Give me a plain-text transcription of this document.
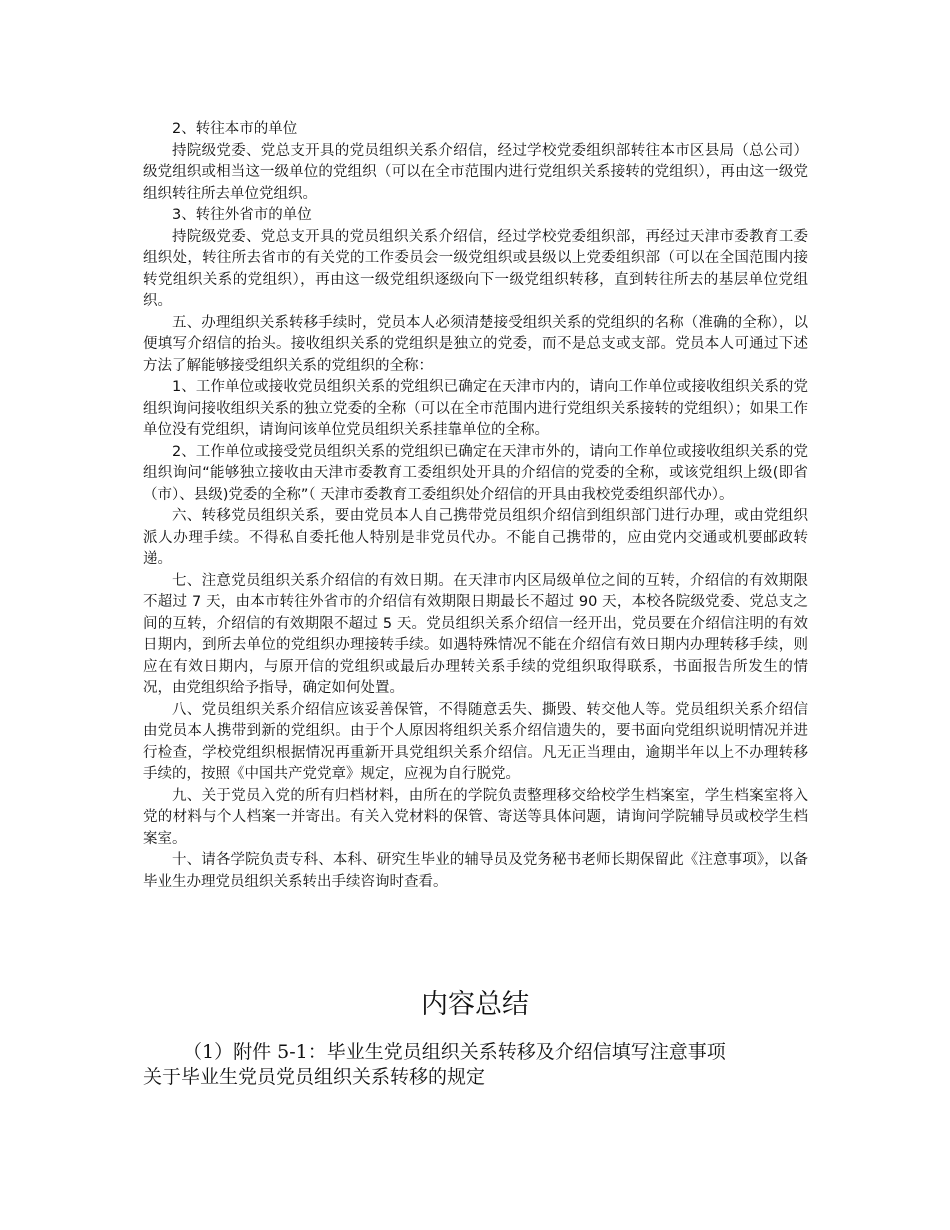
2、转往本市的单位

持院级党委、党总支开具的党员组织关系介绍信，经过学校党委组织部转往本市区县局（总公司）级党组织或相当这一级单位的党组织（可以在全市范围内进行党组织关系接转的党组织），再由这一级党组织转往所去单位党组织。

3、转往外省市的单位

持院级党委、党总支开具的党员组织关系介绍信，经过学校党委组织部，再经过天津市委教育工委组织处，转往所去省市的有关党的工作委员会一级党组织或县级以上党委组织部（可以在全国范围内接转党组织关系的党组织），再由这一级党组织逐级向下一级党组织转移，直到转往所去的基层单位党组织。

五、办理组织关系转移手续时，党员本人必须清楚接受组织关系的党组织的名称（准确的全称），以便填写介绍信的抬头。接收组织关系的党组织是独立的党委，而不是总支或支部。党员本人可通过下述方法了解能够接受组织关系的党组织的全称：

1、工作单位或接收党员组织关系的党组织已确定在天津市内的，请向工作单位或接收组织关系的党组织询问接收组织关系的独立党委的全称（可以在全市范围内进行党组织关系接转的党组织）；如果工作单位没有党组织，请询问该单位党员组织关系挂靠单位的全称。

2、工作单位或接受党员组织关系的党组织已确定在天津市外的，请向工作单位或接收组织关系的党组织询问“能够独立接收由天津市委教育工委组织处开具的介绍信的党委的全称，或该党组织上级(即省（市）、县级)党委的全称”（ 天津市委教育工委组织处介绍信的开具由我校党委组织部代办）。

六、转移党员组织关系，要由党员本人自己携带党员组织介绍信到组织部门进行办理，或由党组织派人办理手续。不得私自委托他人特别是非党员代办。不能自己携带的，应由党内交通或机要邮政转递。

七、注意党员组织关系介绍信的有效日期。在天津市内区局级单位之间的互转，介绍信的有效期限不超过 7 天，由本市转往外省市的介绍信有效期限日期最长不超过 90 天，本校各院级党委、党总支之间的互转，介绍信的有效期限不超过 5 天。党员组织关系介绍信一经开出，党员要在介绍信注明的有效日期内，到所去单位的党组织办理接转手续。如遇特殊情况不能在介绍信有效日期内办理转移手续，则应在有效日期内，与原开信的党组织或最后办理转关系手续的党组织取得联系，书面报告所发生的情况，由党组织给予指导，确定如何处置。

八、党员组织关系介绍信应该妥善保管，不得随意丢失、撕毁、转交他人等。党员组织关系介绍信由党员本人携带到新的党组织。由于个人原因将组织关系介绍信遗失的，要书面向党组织说明情况并进行检查，学校党组织根据情况再重新开具党组织关系介绍信。凡无正当理由，逾期半年以上不办理转移手续的，按照《中国共产党党章》规定，应视为自行脱党。

九、关于党员入党的所有归档材料，由所在的学院负责整理移交给校学生档案室，学生档案室将入党的材料与个人档案一并寄出。有关入党材料的保管、寄送等具体问题，请询问学院辅导员或校学生档案室。

十、请各学院负责专科、本科、研究生毕业的辅导员及党务秘书老师长期保留此《注意事项》，以备毕业生办理党员组织关系转出手续咨询时查看。

内容总结

（1）附件 5-1：毕业生党员组织关系转移及介绍信填写注意事项

关于毕业生党员党员组织关系转移的规定
